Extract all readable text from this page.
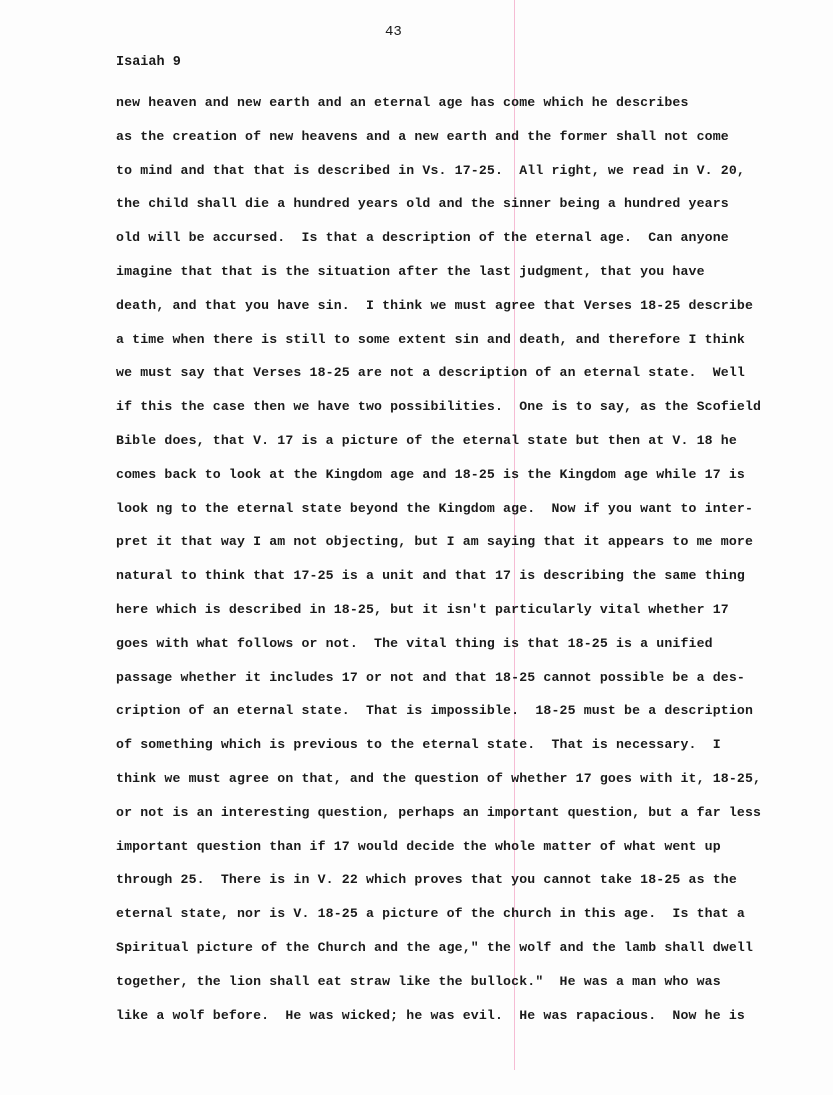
43
Isaiah 9
new heaven and new earth and an eternal age has come which he describes
as the creation of new heavens and a new earth and the former shall not come
to mind and that that is described in Vs. 17-25.  All right, we read in V. 20,
the child shall die a hundred years old and the sinner being a hundred years
old will be accursed.  Is that a description of the eternal age.  Can anyone
imagine that that is the situation after the last judgment, that you have
death, and that you have sin.  I think we must agree that Verses 18-25 describe
a time when there is still to some extent sin and death, and therefore I think
we must say that Verses 18-25 are not a description of an eternal state.  Well
if this the case then we have two possibilities.  One is to say, as the Scofield
Bible does, that V. 17 is a picture of the eternal state but then at V. 18 he
comes back to look at the Kingdom age and 18-25 is the Kingdom age while 17 is
look ng to the eternal state beyond the Kingdom age.  Now if you want to inter-
pret it that way I am not objecting, but I am saying that it appears to me more
natural to think that 17-25 is a unit and that 17 is describing the same thing
here which is described in 18-25, but it isn't particularly vital whether 17
goes with what follows or not.  The vital thing is that 18-25 is a unified
passage whether it includes 17 or not and that 18-25 cannot possible be a des-
cription of an eternal state.  That is impossible.  18-25 must be a description
of something which is previous to the eternal state.  That is necessary.  I
think we must agree on that, and the question of whether 17 goes with it, 18-25,
or not is an interesting question, perhaps an important question, but a far less
important question than if 17 would decide the whole matter of what went up
through 25.  There is in V. 22 which proves that you cannot take 18-25 as the
eternal state, nor is V. 18-25 a picture of the church in this age.  Is that a
Spiritual picture of the Church and the age," the wolf and the lamb shall dwell
together, the lion shall eat straw like the bullock."  He was a man who was
like a wolf before.  He was wicked; he was evil.  He was rapacious.  Now he is
